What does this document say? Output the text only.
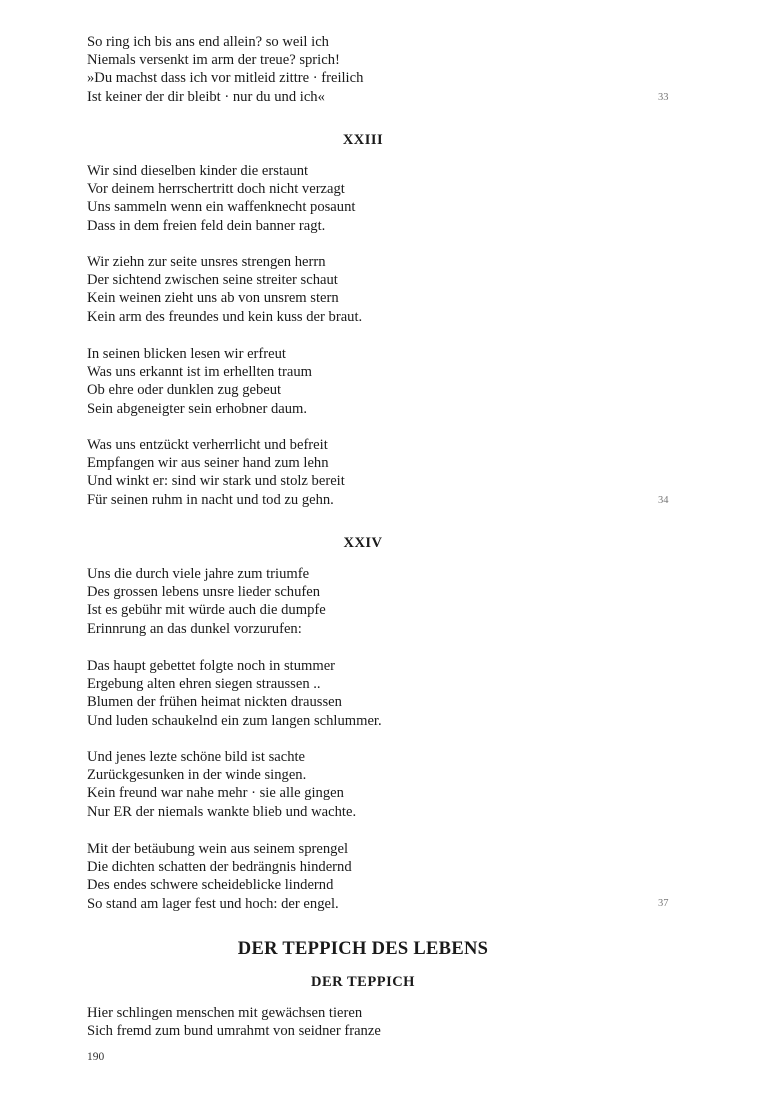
So ring ich bis ans end allein? so weil ich
Niemals versenkt im arm der treue? sprich!
»Du machst dass ich vor mitleid zittre · freilich
Ist keiner der dir bleibt · nur du und ich«	33
XXIII
Wir sind dieselben kinder die erstaunt
Vor deinem herrschertritt doch nicht verzagt
Uns sammeln wenn ein waffenknecht posaunt
Dass in dem freien feld dein banner ragt.
Wir ziehn zur seite unsres strengen herrn
Der sichtend zwischen seine streiter schaut
Kein weinen zieht uns ab von unsrem stern
Kein arm des freundes und kein kuss der braut.
In seinen blicken lesen wir erfreut
Was uns erkannt ist im erhellten traum
Ob ehre oder dunklen zug gebeut
Sein abgeneigter sein erhobner daum.
Was uns entzückt verherrlicht und befreit
Empfangen wir aus seiner hand zum lehn
Und winkt er: sind wir stark und stolz bereit
Für seinen ruhm in nacht und tod zu gehn.	34
XXIV
Uns die durch viele jahre zum triumfe
Des grossen lebens unsre lieder schufen
Ist es gebühr mit würde auch die dumpfe
Erinnrung an das dunkel vorzurufen:
Das haupt gebettet folgte noch in stummer
Ergebung alten ehren siegen straussen ..
Blumen der frühen heimat nickten draussen
Und luden schaukelnd ein zum langen schlummer.
Und jenes lezte schöne bild ist sachte
Zurückgesunken in der winde singen.
Kein freund war nahe mehr · sie alle gingen
Nur ER der niemals wankte blieb und wachte.
Mit der betäubung wein aus seinem sprengel
Die dichten schatten der bedrängnis hindernd
Des endes schwere scheideblicke lindernd
So stand am lager fest und hoch: der engel.	37
DER TEPPICH DES LEBENS
DER TEPPICH
Hier schlingen menschen mit gewächsen tieren
Sich fremd zum bund umrahmt von seidner franze
190
